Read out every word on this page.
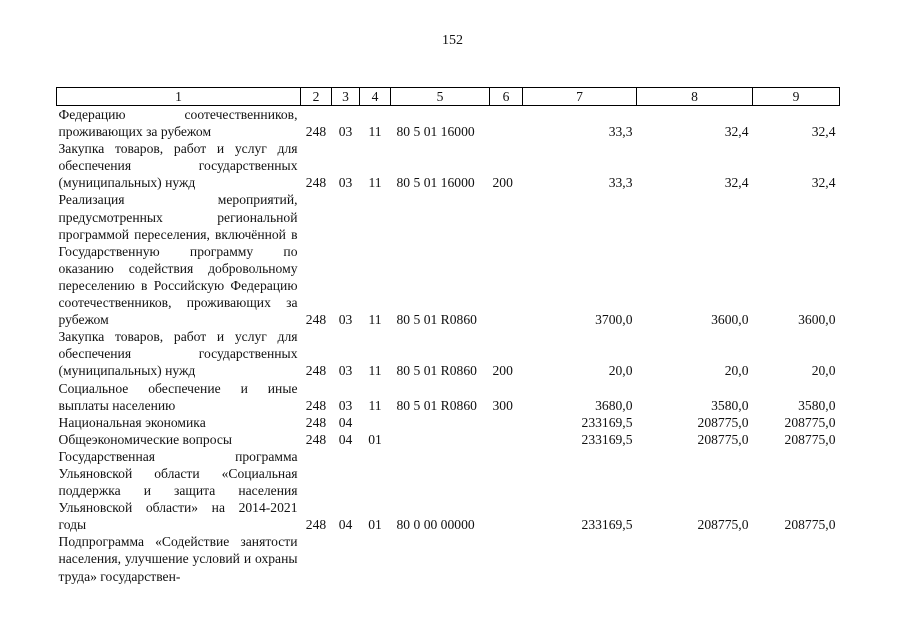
152
1	2	3	4	5	6	7	8	9
Федерацию соотечественников, проживающих за рубежом	248	03	11	80 5 01 16000		33,3	32,4	32,4
Закупка товаров, работ и услуг для обеспечения государственных (муниципальных) нужд	248	03	11	80 5 01 16000	200	33,3	32,4	32,4
Реализация мероприятий, предусмотренных региональной программой переселения, включённой в Государственную программу по оказанию содействия добровольному переселению в Российскую Федерацию соотечественников, проживающих за рубежом	248	03	11	80 5 01 R0860		3700,0	3600,0	3600,0
Закупка товаров, работ и услуг для обеспечения государственных (муниципальных) нужд	248	03	11	80 5 01 R0860	200	20,0	20,0	20,0
Социальное обеспечение и иные выплаты населению	248	03	11	80 5 01 R0860	300	3680,0	3580,0	3580,0
Национальная экономика	248	04				233169,5	208775,0	208775,0
Общеэкономические вопросы	248	04	01			233169,5	208775,0	208775,0
Государственная программа Ульяновской области «Социальная поддержка и защита населения Ульяновской области» на 2014-2021 годы	248	04	01	80 0 00 00000		233169,5	208775,0	208775,0
Подпрограмма «Содействие занятости населения, улучшение условий и охраны труда» государствен-								
